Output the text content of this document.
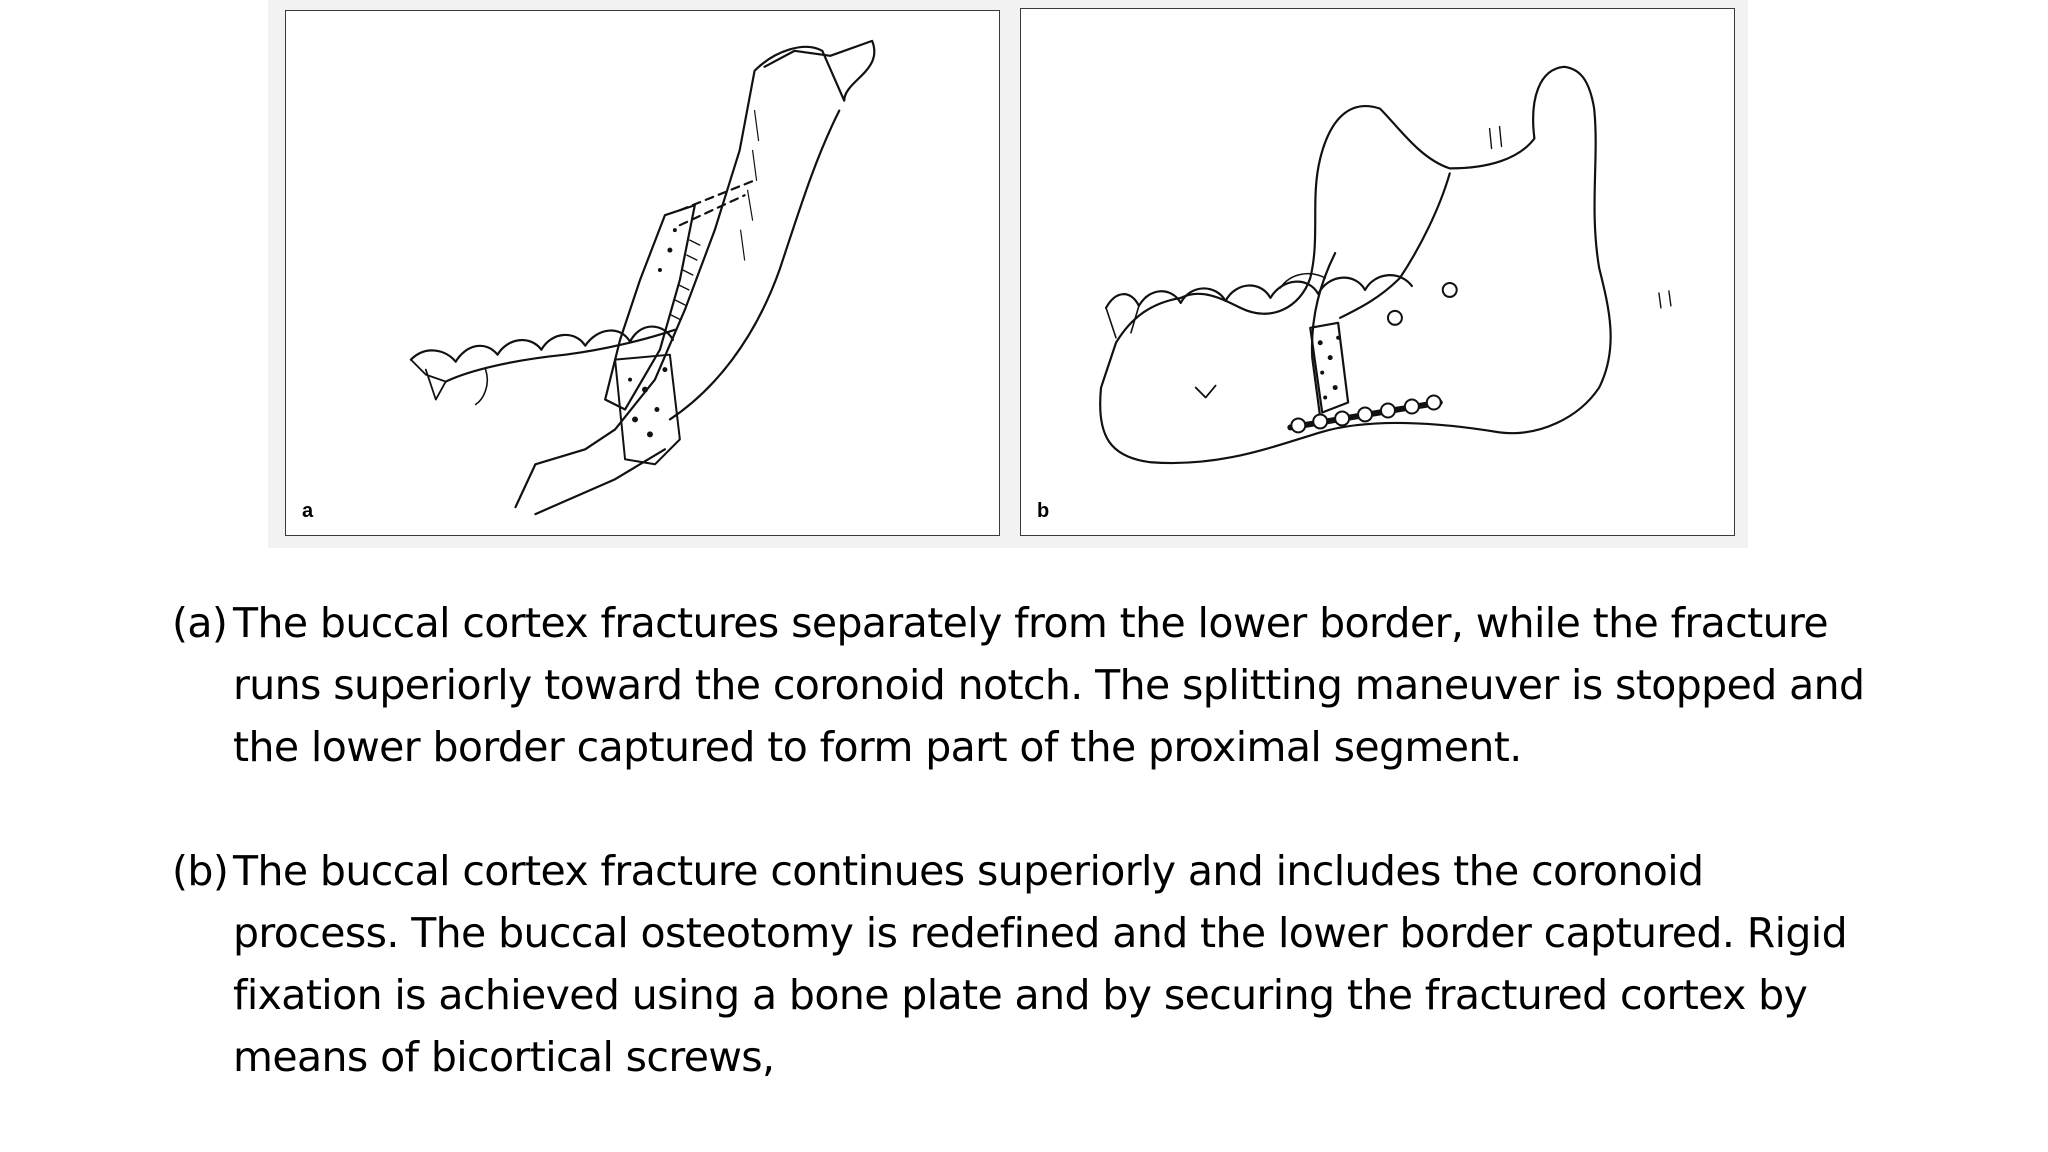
a	b
(a) The buccal cortex fractures separately from the lower border, while the fracture
runs superiorly toward the coronoid notch. The splitting maneuver is stopped and
the lower border captured to form part of the proximal segment.
(b) The buccal cortex fracture continues superiorly and includes the coronoid
process. The buccal osteotomy is redefined and the lower border captured. Rigid
fixation is achieved using a bone plate and by securing the fractured cortex by
means of bicortical screws,
